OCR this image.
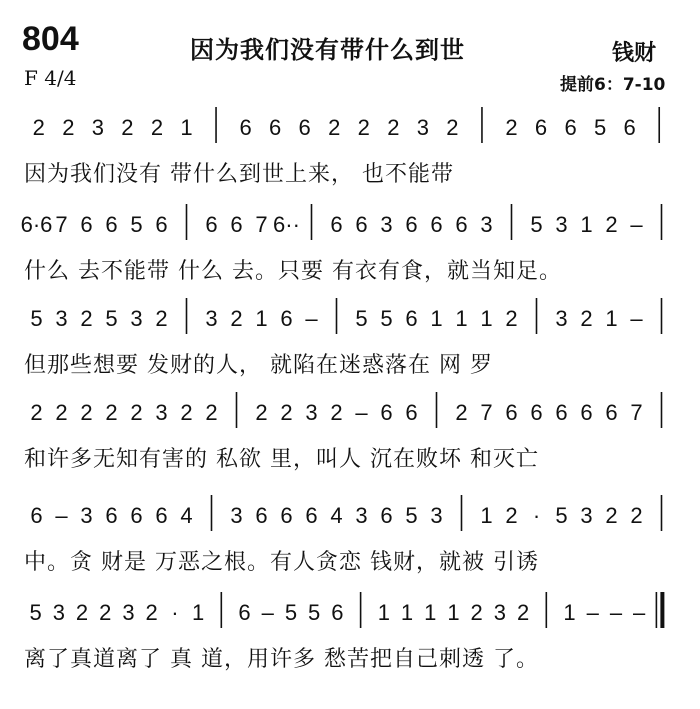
804	因为我们没有带什么到世	钱财
F 4/4	提前6：7-10
2 2 3 2 2 1 6 6 6 2 2 2 3 2 2 6 6 5 6
因为我们没有 带什么到世上来， 也不能带
6·6 7 6 6 5 6 6 6 7 6·· 6 6 3 6 6 6 3 5 3 1 2 –
什么 去不能带 什么 去。只要 有衣有食，就当知足。
5 3 2 5 3 2 3 2 1 6 – 5 5 6 1 1 1 2 3 2 1 –
但那些想要 发财的人， 就陷在迷惑落在 网 罗
2 2 2 2 2 3 2 2 2 2 3 2 – 6 6 2 7 6 6 6 6 6 7
和许多无知有害的 私欲 里，叫人 沉在败坏 和灭亡
6 – 3 6 6 6 4 3 6 6 6 4 3 6 5 3 1 2 · 5 3 2 2
中。贪 财是 万恶之根。有人贪恋 钱财，就被 引诱
5 3 2 2 3 2 · 1 6 – 5 5 6 1 1 1 1 2 3 2 1 – – –
离了真道离了 真 道，用许多 愁苦把自己刺透 了。
